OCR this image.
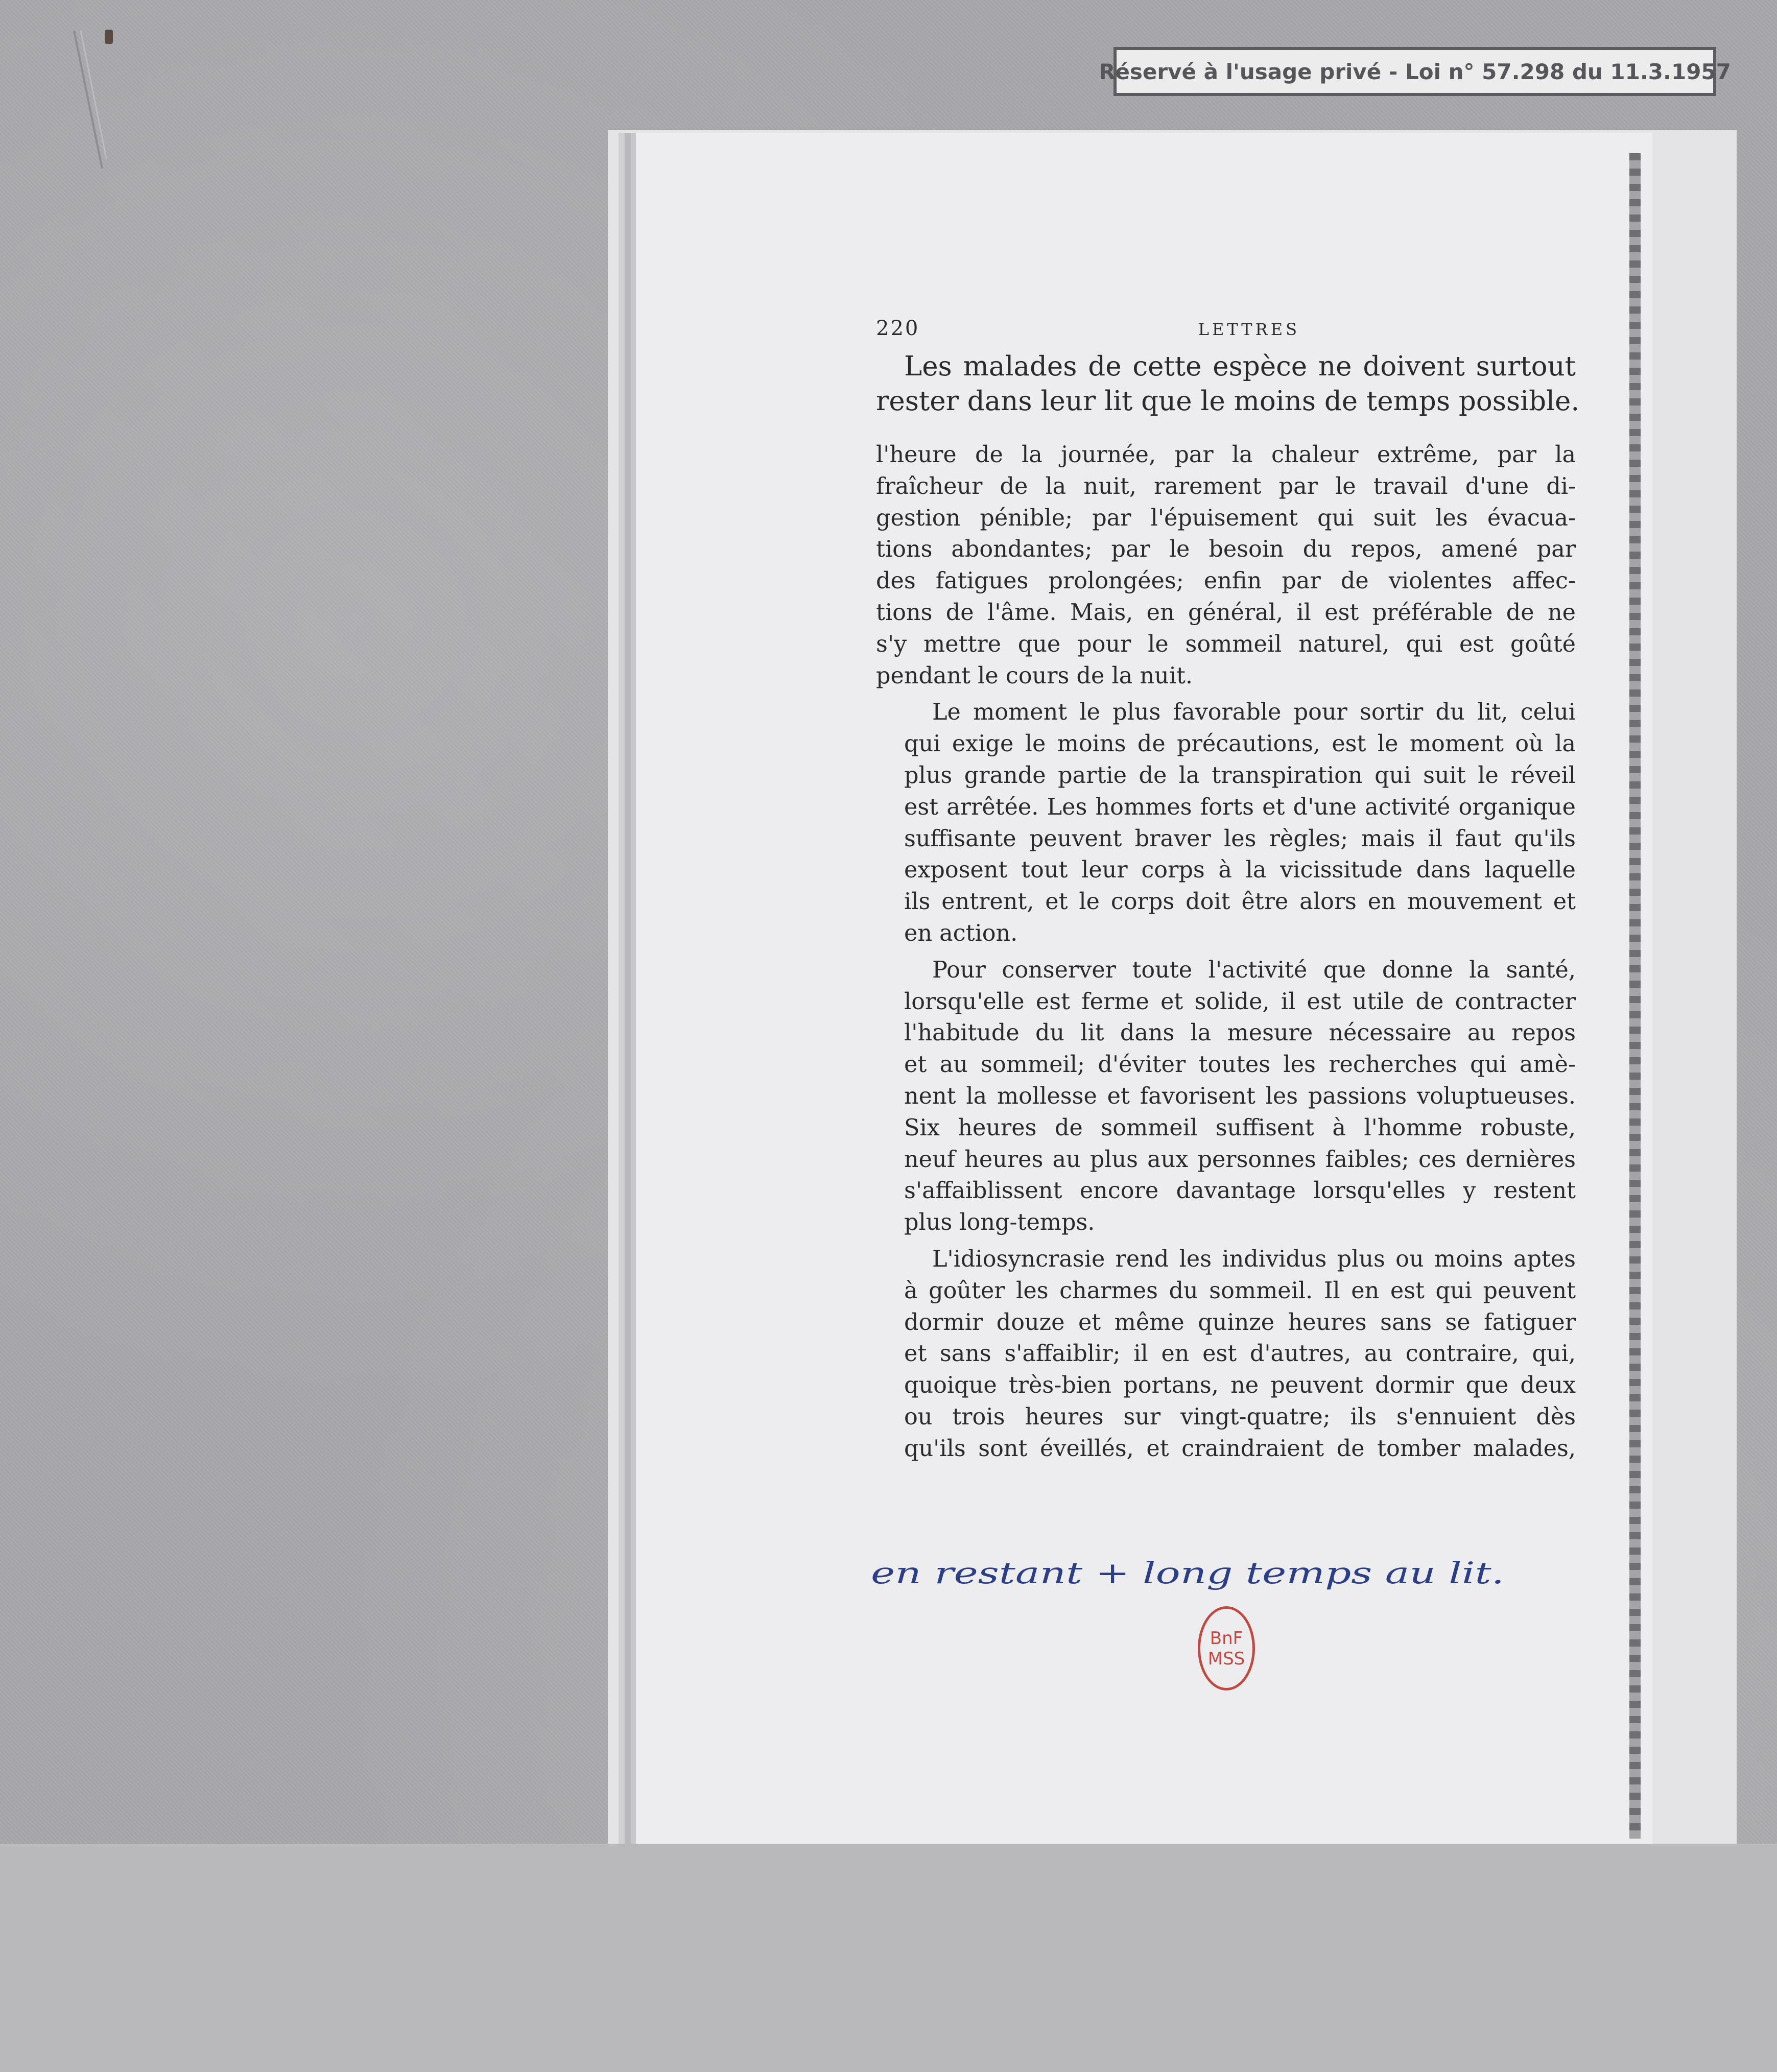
Réservé à l'usage privé - Loi n° 57.298 du 11.3.1957
220	LETTRES
Les malades de cette espèce ne doivent surtout
rester dans leur lit que le moins de temps possible.

l'heure de la journée, par la chaleur extrême, par la
fraîcheur de la nuit, rarement par le travail d'une di-
gestion pénible; par l'épuisement qui suit les évacua-
tions abondantes; par le besoin du repos, amené par
des fatigues prolongées; enfin par de violentes affec-
tions de l'âme. Mais, en général, il est préférable de ne
s'y mettre que pour le sommeil naturel, qui est goûté
pendant le cours de la nuit.

Le moment le plus favorable pour sortir du lit, celui
qui exige le moins de précautions, est le moment où la
plus grande partie de la transpiration qui suit le réveil
est arrêtée. Les hommes forts et d'une activité organique
suffisante peuvent braver les règles; mais il faut qu'ils
exposent tout leur corps à la vicissitude dans laquelle
ils entrent, et le corps doit être alors en mouvement et
en action.

Pour conserver toute l'activité que donne la santé,
lorsqu'elle est ferme et solide, il est utile de contracter
l'habitude du lit dans la mesure nécessaire au repos
et au sommeil; d'éviter toutes les recherches qui amè-
nent la mollesse et favorisent les passions voluptueuses.
Six heures de sommeil suffisent à l'homme robuste,
neuf heures au plus aux personnes faibles; ces dernières
s'affaiblissent encore davantage lorsqu'elles y restent
plus long-temps.

L'idiosyncrasie rend les individus plus ou moins aptes
à goûter les charmes du sommeil. Il en est qui peuvent
dormir douze et même quinze heures sans se fatiguer
et sans s'affaiblir; il en est d'autres, au contraire, qui,
quoique très-bien portans, ne peuvent dormir que deux
ou trois heures sur vingt-quatre; ils s'ennuient dès
qu'ils sont éveillés, et craindraient de tomber malades,

en restant + long temps au lit.
BnF
MSS
